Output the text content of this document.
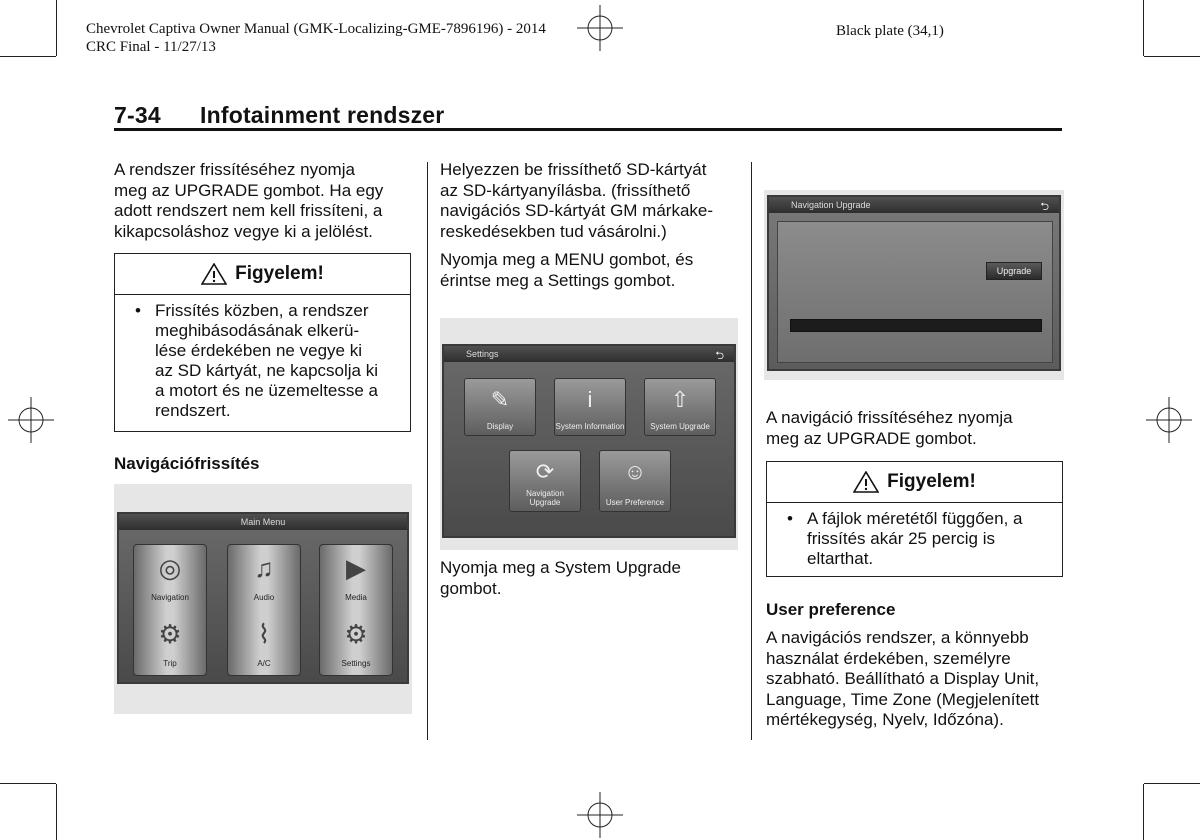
Chevrolet Captiva Owner Manual (GMK-Localizing-GME-7896196) - 2014
CRC Final - 11/27/13
Black plate (34,1)
7-34 Infotainment rendszer
A rendszer frissítéséhez nyomja
meg az UPGRADE gombot. Ha egy
adott rendszert nem kell frissíteni, a
kikapcsoláshoz vegye ki a jelölést.
Figyelem!
• Frissítés közben, a rendszer
meghibásodásának elkerü-
lése érdekében ne vegye ki
az SD kártyát, ne kapcsolja ki
a motort és ne üzemeltesse a
rendszert.
Navigációfrissítés
Main Menu
◎
Navigation
⚙
Trip
♫
Audio
⌇
A/C
▶
Media
⚙
Settings
Helyezzen be frissíthető SD-kártyát
az SD-kártyanyílásba. (frissíthető
navigációs SD-kártyát GM márkake-
reskedésekben tud vásárolni.)
Nyomja meg a MENU gombot, és
érintse meg a Settings gombot.
Settings	⮌
✎
Display
i
System Information
⇧
System Upgrade
⟳
Navigation Upgrade
☺
User Preference
Nyomja meg a System Upgrade
gombot.
Navigation Upgrade	⮌
Upgrade
A navigáció frissítéséhez nyomja
meg az UPGRADE gombot.
Figyelem!
• A fájlok méretétől függően, a
frissítés akár 25 percig is
eltarthat.
User preference
A navigációs rendszer, a könnyebb
használat érdekében, személyre
szabható. Beállítható a Display Unit,
Language, Time Zone (Megjelenített
mértékegység, Nyelv, Időzóna).
